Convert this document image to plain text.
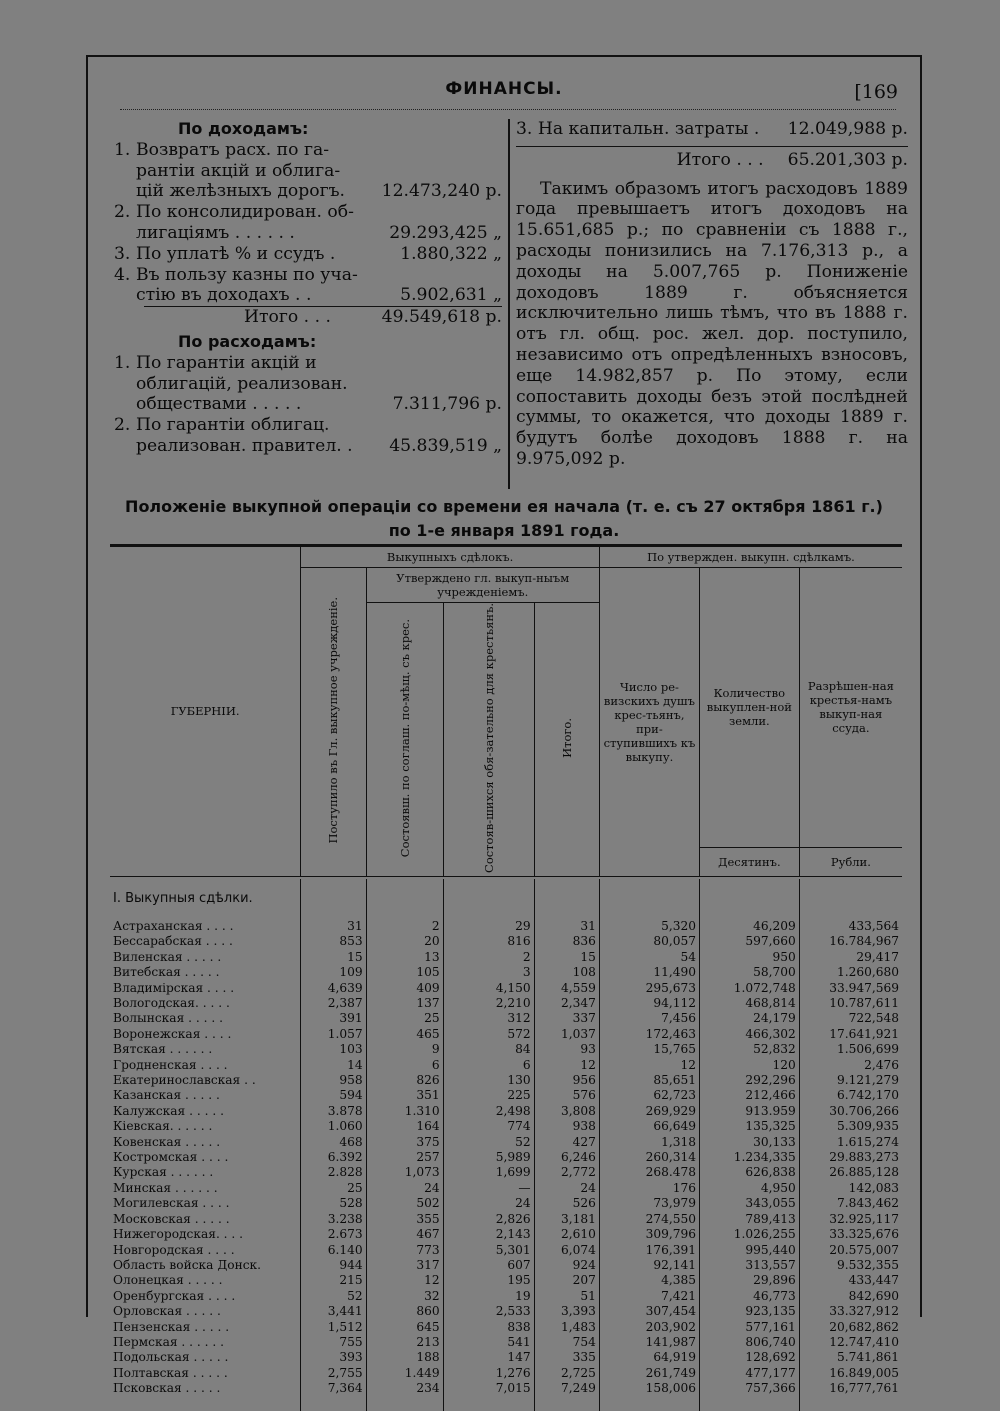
ФИНАНСЫ.	[169
По доходамъ:
1. Возвратъ расх. по га-
рантiи акцiй и облига-
цiй желѣзныхъ дорогъ. 12.473,240 р.
2. По консолидирован. об-
лигацiямъ . . . . . .	29.293,425 „
3. По уплатѣ % и ссудъ .	1.880,322 „
4. Въ пользу казны по уча-
стiю въ доходахъ . .	5.902,631 „
Итого . . .	49.549,618 р.
По расходамъ:
1. По гарантiи акцiй и
облигацiй, реализован.
обществами . . . . .	7.311,796 р.
2. По гарантiи облигац.
реализован. правител. . 45.839,519 „
3. На капитальн. затраты . 12.049,988 р.
Итого . . . 65.201,303 р.
Такимъ образомъ итогъ расходовъ 1889 года превышаетъ итогъ доходовъ на 15.651,685 р.; по сравненiи съ 1888 г., расходы понизились на 7.176,313 р., а доходы на 5.007,765 р. Пониженiе доходовъ 1889 г. объясняется исключительно лишь тѣмъ, что въ 1888 г. отъ гл. общ. рос. жел. дор. поступило, независимо отъ опредѣленныхъ взносовъ, еще 14.982,857 р. По этому, если сопоставить доходы безъ этой послѣдней суммы, то окажется, что доходы 1889 г. будутъ болѣе доходовъ 1888 г. на 9.975,092 р.
Положенiе выкупной операцiи со времени ея начала (т. е. съ 27 октября 1861 г.)
по 1-е января 1891 года.
ГУБЕРНIИ.	Выкупныхъ сдѣлокъ.				По утвержден. выкупн. сдѣлкамъ.		
	Поступило въ Гл. выкупное учрежденiе.	Утверждено гл. выкуп-ныъм учрежденiемъ.			Число ре-визскихъ душъ крес-тьянъ, при-ступившихъ къ выкупу.	Количество выкуплен-ной земли.	Разрѣшен-ная крестья-намъ выкуп-ная ссуда.
		Состоявш. по соглаш. по-мѣщ. съ крес.	Состояв-шихся обя-зательно для крестьянъ.	Итого.			
						Десятинъ.	Рубли.

I. Выкупныя сдѣлки.							
Астраханская . . . .	31	2	29	31	5,320	46,209	433,564
Бессарабская . . . .	853	20	816	836	80,057	597,660	16.784,967
Виленская . . . . .	15	13	2	15	54	950	29,417
Витебская . . . . .	109	105	3	108	11,490	58,700	1.260,680
Владимiрская . . . .	4,639	409	4,150	4,559	295,673	1.072,748	33.947,569
Вологодская. . . . .	2,387	137	2,210	2,347	94,112	468,814	10.787,611
Волынская . . . . .	391	25	312	337	7,456	24,179	722,548
Воронежская . . . .	1.057	465	572	1,037	172,463	466,302	17.641,921
Вятская . . . . . .	103	9	84	93	15,765	52,832	1.506,699
Гродненская . . . .	14	6	6	12	12	120	2,476
Екатеринославская . .	958	826	130	956	85,651	292,296	9.121,279
Казанская . . . . .	594	351	225	576	62,723	212,466	6.742,170
Калужская . . . . .	3.878	1.310	2,498	3,808	269,929	913.959	30.706,266
Кiевская. . . . . .	1.060	164	774	938	66,649	135,325	5.309,935
Ковенская . . . . .	468	375	52	427	1,318	30,133	1.615,274
Костромская . . . .	6.392	257	5,989	6,246	260,314	1.234,335	29.883,273
Курская . . . . . .	2.828	1,073	1,699	2,772	268.478	626,838	26.885,128
Минская . . . . . .	25	24	—	24	176	4,950	142,083
Могилевская . . . .	528	502	24	526	73,979	343,055	7.843,462
Московская . . . . .	3.238	355	2,826	3,181	274,550	789,413	32.925,117
Нижегородская. . . .	2.673	467	2,143	2,610	309,796	1.026,255	33.325,676
Новгородская . . . .	6.140	773	5,301	6,074	176,391	995,440	20.575,007
Область войска Донск.	944	317	607	924	92,141	313,557	9.532,355
Олонецкая . . . . .	215	12	195	207	4,385	29,896	433,447
Оренбургская . . . .	52	32	19	51	7,421	46,773	842,690
Орловская . . . . .	3,441	860	2,533	3,393	307,454	923,135	33.327,912
Пензенская . . . . .	1,512	645	838	1,483	203,902	577,161	20,682,862
Пермская . . . . . .	755	213	541	754	141,987	806,740	12.747,410
Подольская . . . . .	393	188	147	335	64,919	128,692	5.741,861
Полтавская . . . . .	2,755	1.449	1,276	2,725	261,749	477,177	16.849,005
Псковская . . . . .	7,364	234	7,015	7,249	158,006	757,366	16,777,761
